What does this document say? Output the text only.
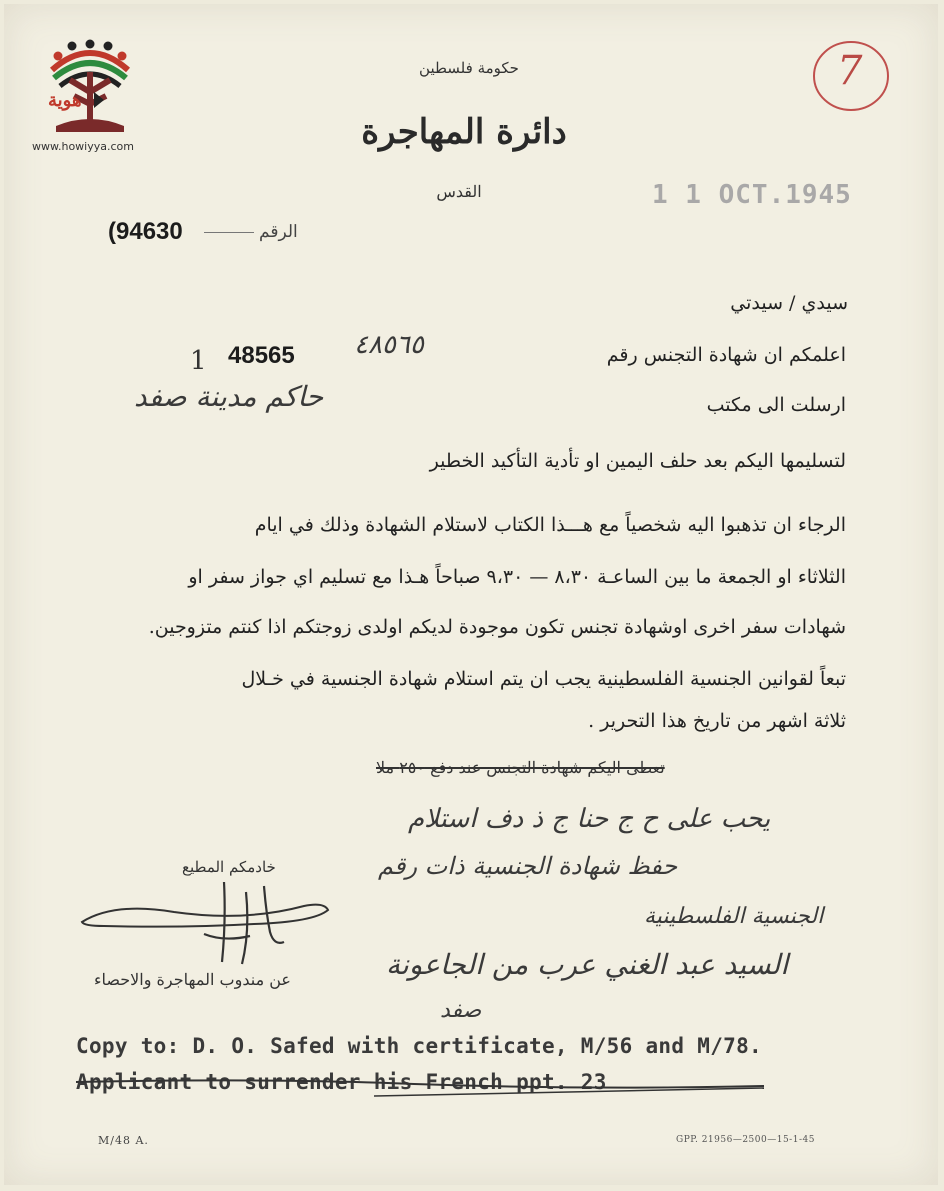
هوية
www.howiyya.com
حكومة فلسطين
دائرة المهاجرة
القدس
7
1 1 OCT.1945
الرقم
(94630
سيدي / سيدتي
اعلمكم ان شهادة التجنس رقم
٤٨٥٦٥
48565
1
ارسلت الى مكتب
حاكم مدينة صفد
لتسليمها اليكم بعد حلف اليمين او تأدية التأكيد الخطير
الرجاء ان تذهبوا اليه شخصياً مع هـــذا الكتاب لاستلام الشهادة وذلك في ايام
الثلاثاء او الجمعة ما بين الساعـة ٨،٣٠ — ٩،٣٠ صباحاً هـذا مع تسليم اي جواز سفر او
شهادات سفر اخرى اوشهادة تجنس تكون موجودة لديكم اولدى زوجتكم اذا كنتم متزوجين.
تبعاً لقوانين الجنسية الفلسطينية يجب ان يتم استلام شهادة الجنسية في خـلال
ثلاثة اشهر من تاريخ هذا التحرير .
تعطى اليكم شهادة التجنس عند دفع ٢٥٠ ملا
يحب على ح ج حنا ج ذ دف استلام
حفظ شهادة الجنسية ذات رقم
الجنسية الفلسطينية
السيد عبد الغني عرب من الجاعونة
صفد
خادمكم المطيع
عن مندوب المهاجرة والاحصاء
Copy to: D. O. Safed with certificate, M/56 and M/78.
Applicant to surrender his French ppt. 23
M/48 A.	GPP. 21956—2500—15-1-45
